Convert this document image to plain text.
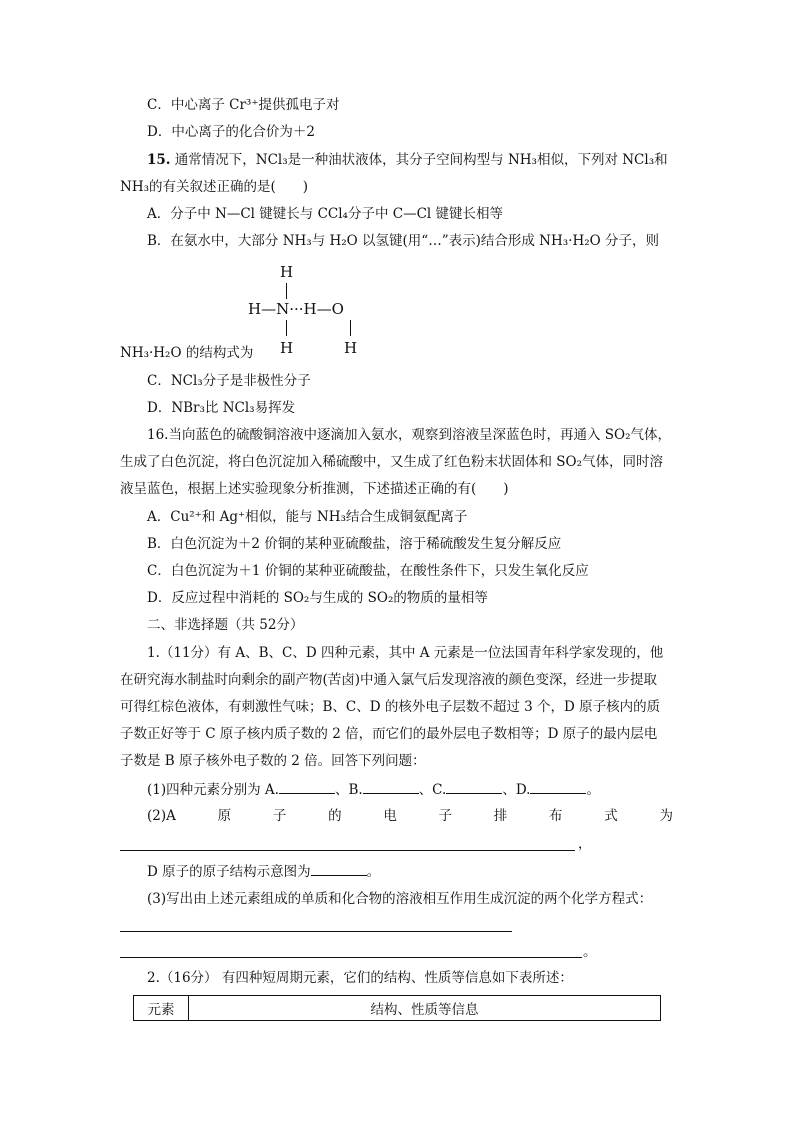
C．中心离子 Cr³⁺提供孤电子对
D．中心离子的化合价为＋2
15. 通常情况下，NCl₃是一种油状液体，其分子空间构型与 NH₃相似，下列对 NCl₃和
NH₃的有关叙述正确的是(　　)
A．分子中 N—Cl 键键长与 CCl₄分子中 C—Cl 键键长相等
B．在氨水中，大部分 NH₃与 H₂O 以氢键(用“…”表示)结合形成 NH₃·H₂O 分子，则
H
H—N···H—O
H	H
NH₃·H₂O 的结构式为
C．NCl₃分子是非极性分子
D．NBr₃比 NCl₃易挥发
16.当向蓝色的硫酸铜溶液中逐滴加入氨水，观察到溶液呈深蓝色时，再通入 SO₂气体，
生成了白色沉淀，将白色沉淀加入稀硫酸中，又生成了红色粉末状固体和 SO₂气体，同时溶
液呈蓝色，根据上述实验现象分析推测，下述描述正确的有(　　)
A．Cu²⁺和 Ag⁺相似，能与 NH₃结合生成铜氨配离子
B．白色沉淀为＋2 价铜的某种亚硫酸盐，溶于稀硫酸发生复分解反应
C．白色沉淀为＋1 价铜的某种亚硫酸盐，在酸性条件下，只发生氧化反应
D．反应过程中消耗的 SO₂与生成的 SO₂的物质的量相等
二、非选择题（共 52分）
1.（11分）有 A、B、C、D 四种元素，其中 A 元素是一位法国青年科学家发现的，他
在研究海水制盐时向剩余的副产物(苦卤)中通入氯气后发现溶液的颜色变深，经进一步提取
可得红棕色液体，有刺激性气味；B、C、D 的核外电子层数不超过 3 个，D 原子核内的质
子数正好等于 C 原子核内质子数的 2 倍，而它们的最外层电子数相等；D 原子的最内层电
子数是 B 原子核外电子数的 2 倍。回答下列问题：
(1)四种元素分别为 A.	、B.	、C.	、D.	。
(2)A	原	子	的	电	子	排	布	式	为
，
D 原子的原子结构示意图为	。
(3)写出由上述元素组成的单质和化合物的溶液相互作用生成沉淀的两个化学方程式：
。
2.（16分） 有四种短周期元素，它们的结构、性质等信息如下表所述：
元素	结构、性质等信息
